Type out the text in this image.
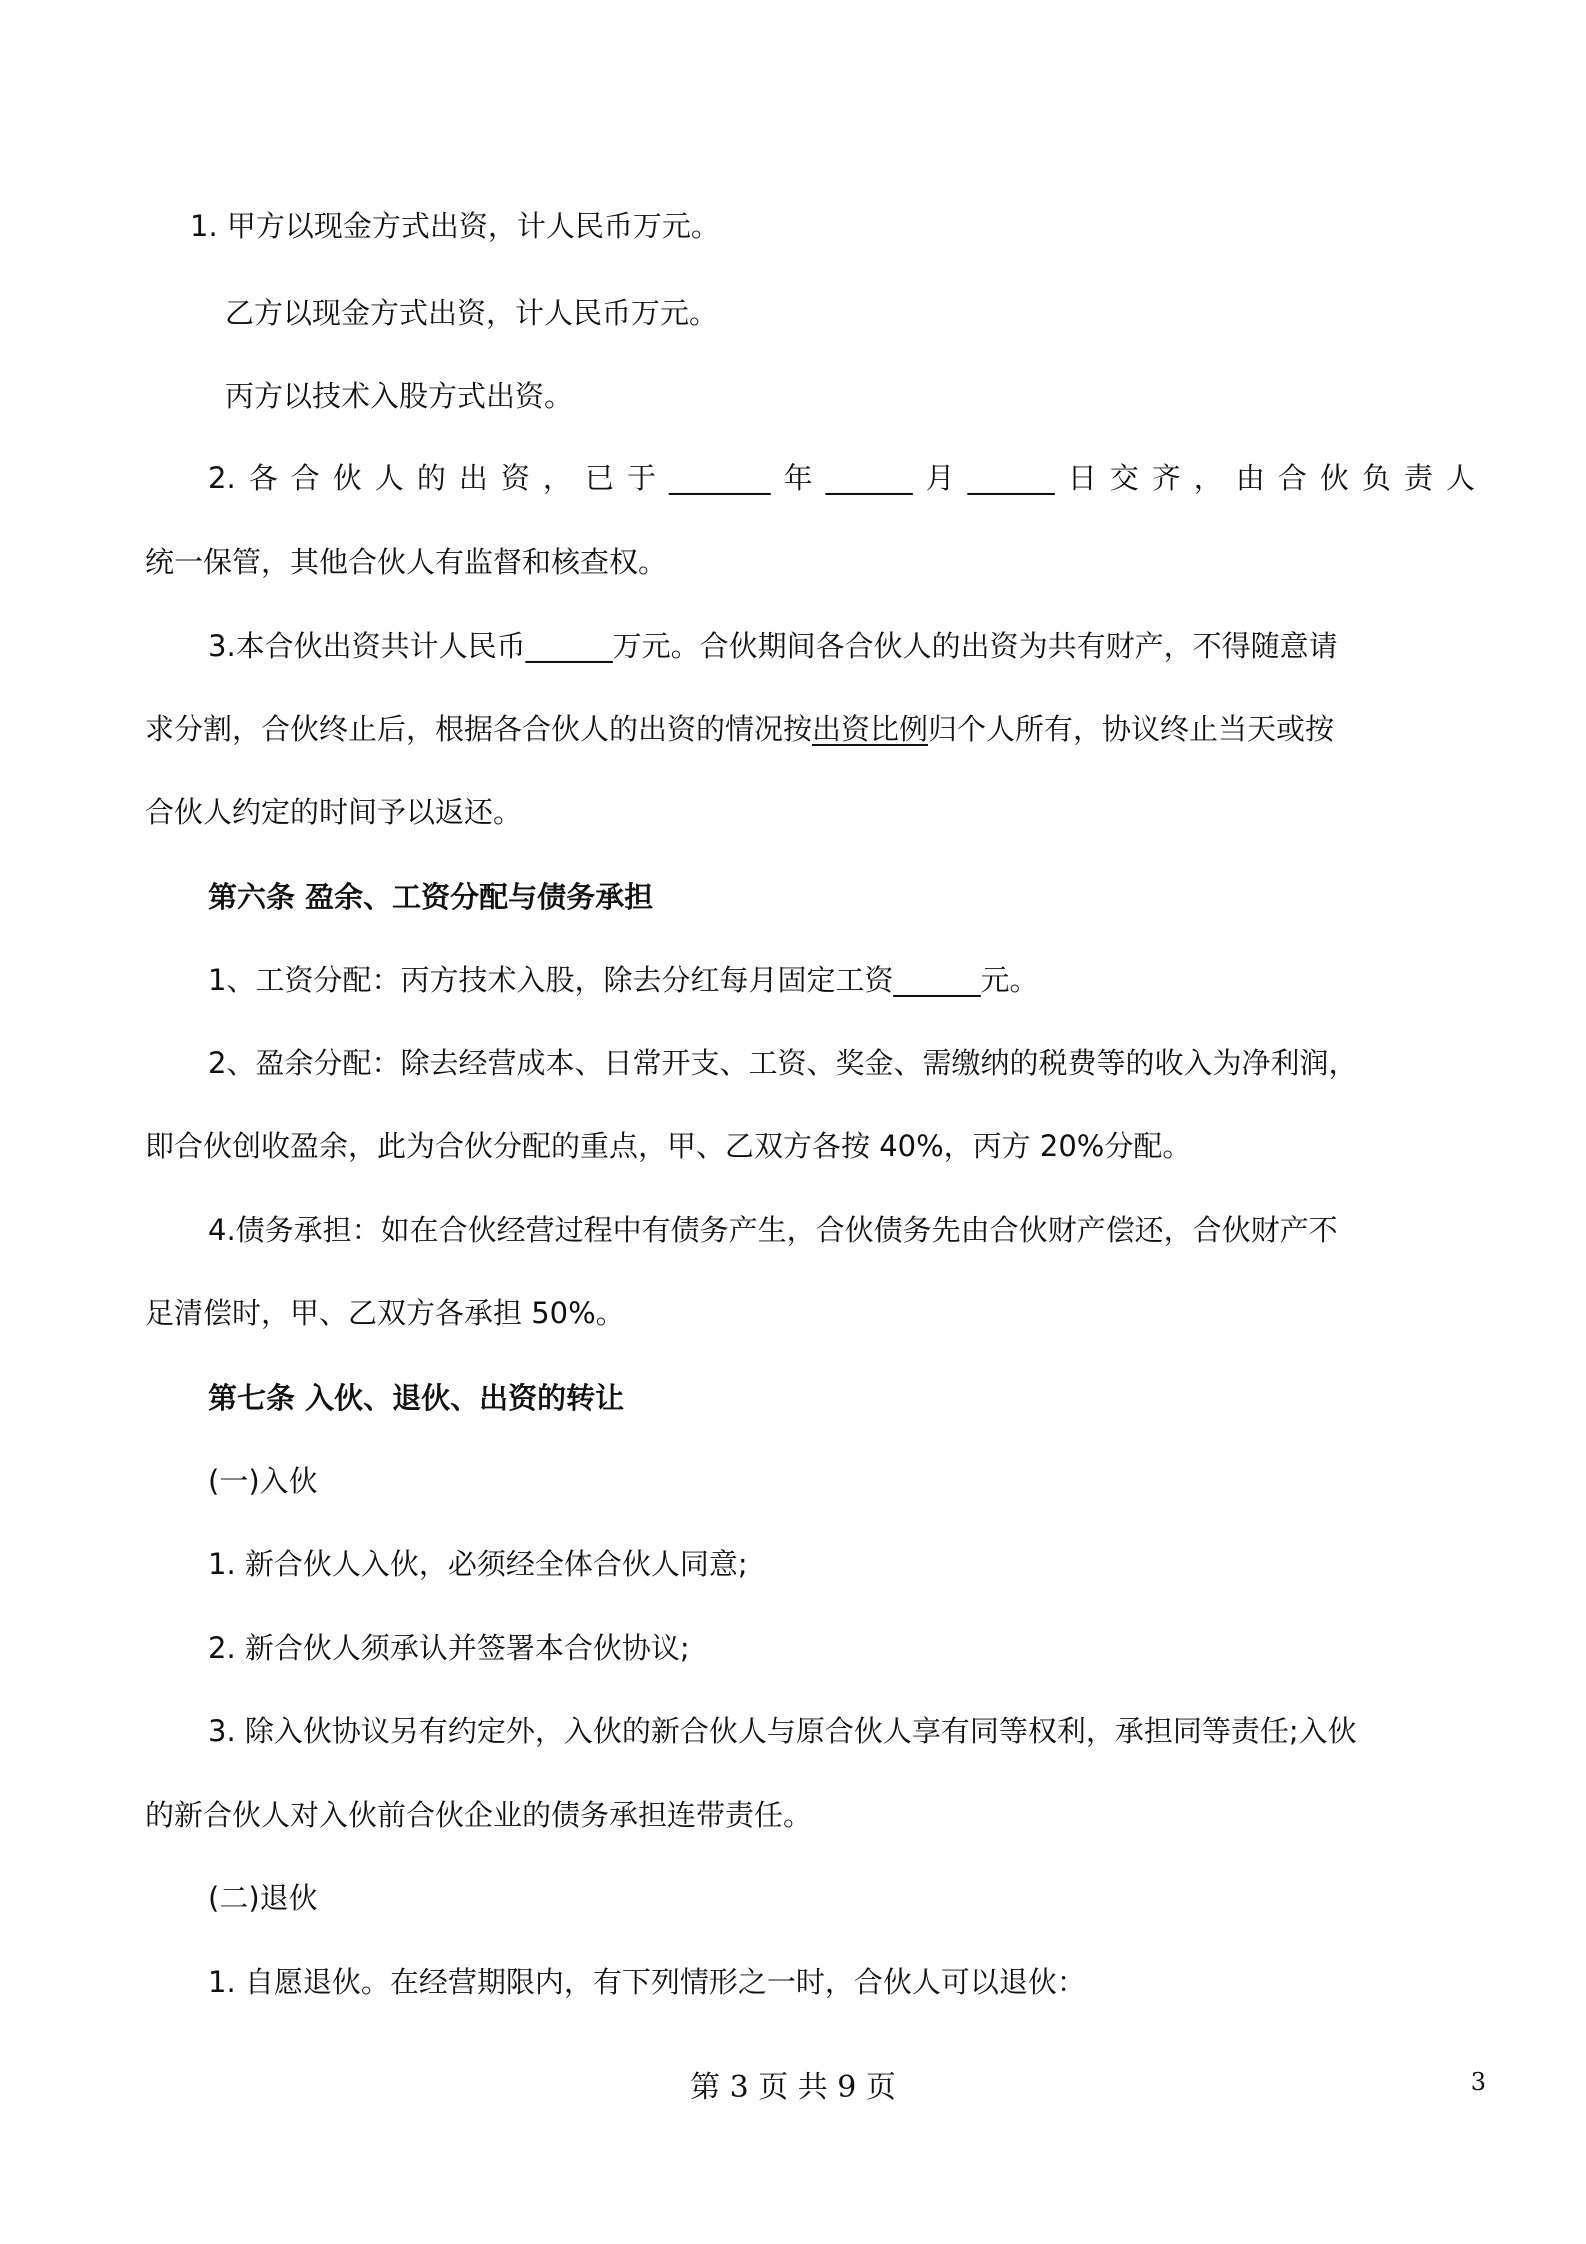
1. 甲方以现金方式出资，计人民币万元。
乙方以现金方式出资，计人民币万元。
丙方以技术入股方式出资。
2.各合伙人的出资，已于_______年______月______日交齐，由合伙负责人
统一保管，其他合伙人有监督和核查权。
3.本合伙出资共计人民币______万元。合伙期间各合伙人的出资为共有财产，不得随意请
求分割，合伙终止后，根据各合伙人的出资的情况按出资比例归个人所有，协议终止当天或按
合伙人约定的时间予以返还。
第六条 盈余、工资分配与债务承担
1、工资分配：丙方技术入股，除去分红每月固定工资______元。
2、盈余分配：除去经营成本、日常开支、工资、奖金、需缴纳的税费等的收入为净利润，
即合伙创收盈余，此为合伙分配的重点，甲、乙双方各按 40%，丙方 20%分配。
4.债务承担：如在合伙经营过程中有债务产生，合伙债务先由合伙财产偿还，合伙财产不
足清偿时，甲、乙双方各承担 50%。
第七条 入伙、退伙、出资的转让
(一)入伙
1. 新合伙人入伙，必须经全体合伙人同意;
2. 新合伙人须承认并签署本合伙协议;
3. 除入伙协议另有约定外，入伙的新合伙人与原合伙人享有同等权利，承担同等责任;入伙
的新合伙人对入伙前合伙企业的债务承担连带责任。
(二)退伙
1. 自愿退伙。在经营期限内，有下列情形之一时，合伙人可以退伙：
第 3 页 共 9 页	3
